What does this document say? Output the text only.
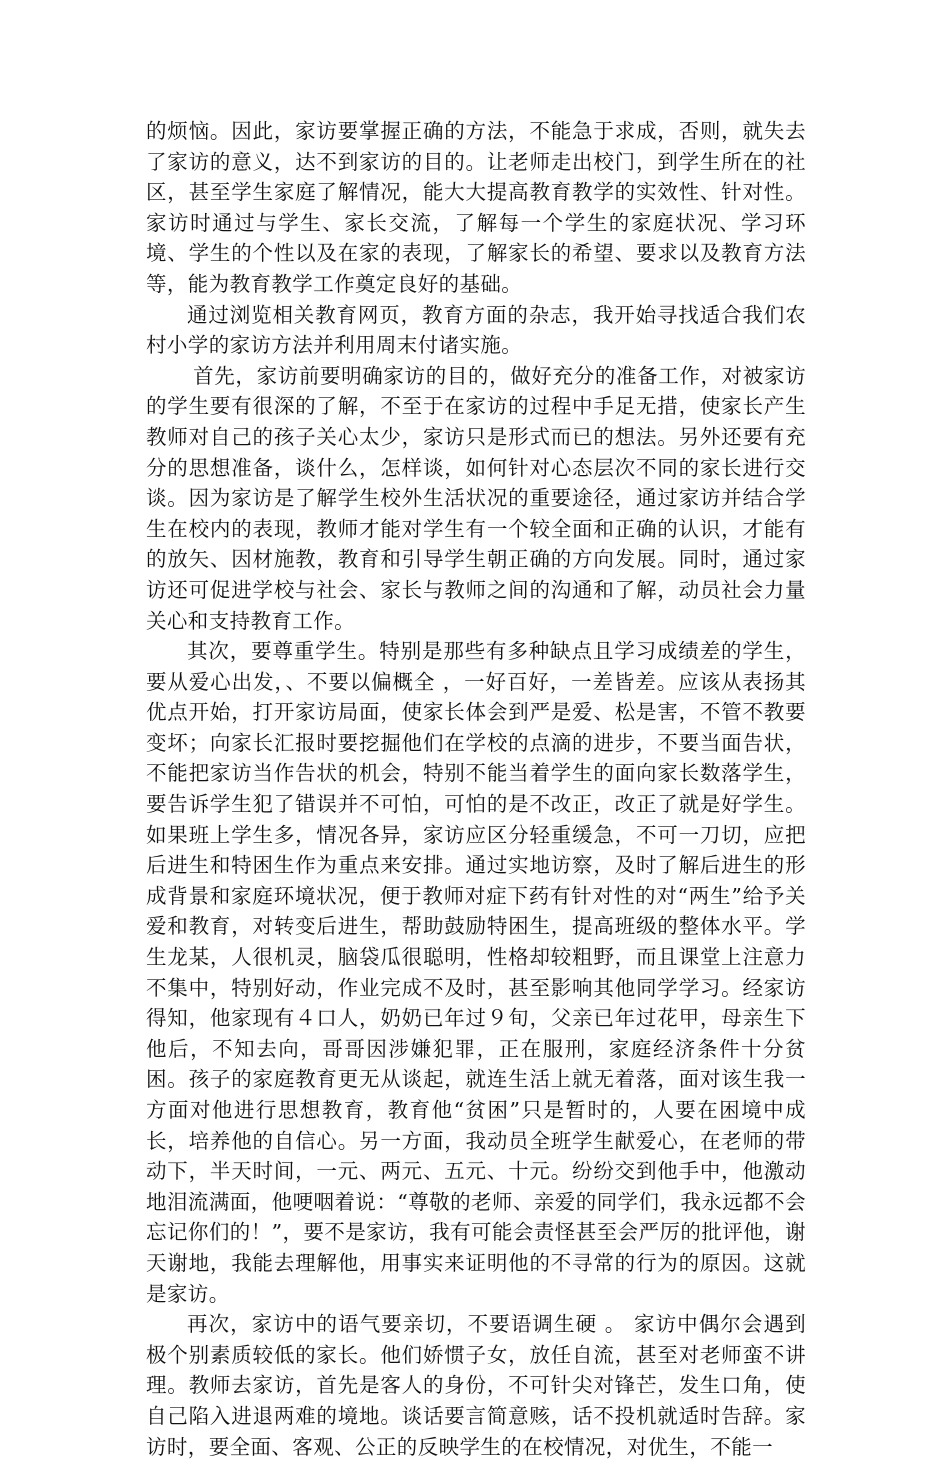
的烦恼。因此，家访要掌握正确的方法，不能急于求成，否则，就失去了家访的意义，达不到家访的目的。让老师走出校门，到学生所在的社区，甚至学生家庭了解情况，能大大提高教育教学的实效性、针对性。家访时通过与学生、家长交流，了解每一个学生的家庭状况、学习环境、学生的个性以及在家的表现，了解家长的希望、要求以及教育方法等，能为教育教学工作奠定良好的基础。

通过浏览相关教育网页，教育方面的杂志，我开始寻找适合我们农村小学的家访方法并利用周末付诸实施。

首先，家访前要明确家访的目的，做好充分的准备工作，对被家访的学生要有很深的了解，不至于在家访的过程中手足无措，使家长产生教师对自己的孩子关心太少，家访只是形式而已的想法。另外还要有充分的思想准备，谈什么，怎样谈，如何针对心态层次不同的家长进行交谈。因为家访是了解学生校外生活状况的重要途径，通过家访并结合学生在校内的表现，教师才能对学生有一个较全面和正确的认识，才能有的放矢、因材施教，教育和引导学生朝正确的方向发展。同时，通过家访还可促进学校与社会、家长与教师之间的沟通和了解，动员社会力量关心和支持教育工作。

其次，要尊重学生。特别是那些有多种缺点且学习成绩差的学生，要从爱心出发，、不要以偏概全 ，一好百好，一差皆差。应该从表扬其优点开始，打开家访局面，使家长体会到严是爱、松是害，不管不教要变坏；向家长汇报时要挖掘他们在学校的点滴的进步，不要当面告状，不能把家访当作告状的机会，特别不能当着学生的面向家长数落学生，要告诉学生犯了错误并不可怕，可怕的是不改正，改正了就是好学生。如果班上学生多，情况各异，家访应区分轻重缓急，不可一刀切，应把后进生和特困生作为重点来安排。通过实地访察，及时了解后进生的形成背景和家庭环境状况，便于教师对症下药有针对性的对“两生”给予关爱和教育，对转变后进生，帮助鼓励特困生，提高班级的整体水平。学生龙某，人很机灵，脑袋瓜很聪明，性格却较粗野，而且课堂上注意力不集中，特别好动，作业完成不及时，甚至影响其他同学学习。经家访得知，他家现有４口人，奶奶已年过９旬，父亲已年过花甲，母亲生下他后，不知去向，哥哥因涉嫌犯罪，正在服刑，家庭经济条件十分贫困。孩子的家庭教育更无从谈起，就连生活上就无着落，面对该生我一方面对他进行思想教育，教育他“贫困”只是暂时的，人要在困境中成长，培养他的自信心。另一方面，我动员全班学生献爱心，在老师的带动下，半天时间，一元、两元、五元、十元。纷纷交到他手中，他激动地泪流满面，他哽咽着说：“尊敬的老师、亲爱的同学们，我永远都不会忘记你们的！”，要不是家访，我有可能会责怪甚至会严厉的批评他，谢天谢地，我能去理解他，用事实来证明他的不寻常的行为的原因。这就是家访。

再次，家访中的语气要亲切，不要语调生硬 。 家访中偶尔会遇到极个别素质较低的家长。他们娇惯子女，放任自流，甚至对老师蛮不讲理。教师去家访，首先是客人的身份，不可针尖对锋芒，发生口角，使自己陷入进退两难的境地。谈话要言简意赅，话不投机就适时告辞。家访时，要全面、客观、公正的反映学生的在校情况，对优生，不能一
